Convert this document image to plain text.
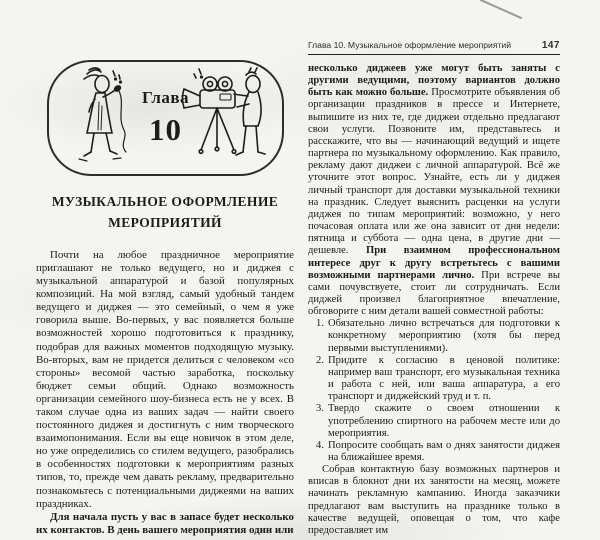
Глава
10
МУЗЫКАЛЬНОЕ ОФОРМЛЕНИЕ
МЕРОПРИЯТИЙ

Почти на любое праздничное мероприятие приглашают не только ведущего, но и диджея с музыкальной аппаратурой и базой популярных композиций. На мой взгляд, самый удобный тандем ведущего и диджея — это семейный, о чем я уже говорила выше. Во-первых, у вас появляется больше возможностей хорошо подготовиться к празднику, подобрав для важных моментов подходящую музыку. Во-вторых, вам не придется делиться с человеком «со стороны» весомой частью заработка, поскольку бюджет семьи общий. Однако возможность организации семейного шоу-бизнеса есть не у всех. В таком случае одна из ваших задач — найти своего постоянного диджея и достигнуть с ним творческого взаимопонимания. Если вы еще новичок в этом деле, но уже определились со стилем ведущего, разобрались в особенностях подготовки к мероприятиям разных типов, то, прежде чем давать рекламу, предварительно познакомьтесь с потенциальными диджеями на ваших праздниках.

Для начала пусть у вас в запасе будет несколько их контактов. В день вашего мероприятия один или

Глава 10. Музыкальное оформление мероприятий	147

несколько диджеев уже могут быть заняты с другими ведущими, поэтому вариантов должно быть как можно больше. Просмотрите объявления об организации праздников в прессе и Интернете, выпишите из них те, где диджеи отдельно предлагают свои услуги. Позвоните им, представьтесь и расскажите, что вы — начинающий ведущий и ищете партнера по музыкальному оформлению. Как правило, рекламу дают диджеи с личной аппаратурой. Всё же уточните этот вопрос. Узнайте, есть ли у диджея личный транспорт для доставки музыкальной техники на праздник. Следует выяснить расценки на услуги диджея по типам мероприятий: возможно, у него почасовая оплата или же она зависит от дня недели: пятница и суббота — одна цена, в другие дни — дешевле. При взаимном профессиональном интересе друг к другу встретьтесь с вашими возможными партнерами лично. При встрече вы сами почувствуете, стоит ли сотрудничать. Если диджей произвел благоприятное впечатление, обговорите с ним детали вашей совместной работы:

1. Обязательно лично встречаться для подготовки к конкретному мероприятию (хотя бы перед первыми выступлениями).
2. Придите к согласию в ценовой политике: например ваш транспорт, его музыкальная техника и работа с ней, или ваша аппаратура, а его транспорт и диджейский труд и т. п.
3. Твердо скажите о своем отношении к употреблению спиртного на рабочем месте или до мероприятия.
4. Попросите сообщать вам о днях занятости диджея на ближайшее время.

Собрав контактную базу возможных партнеров и вписав в блокнот дни их занятости на месяц, можете начинать рекламную кампанию. Иногда заказчики предлагают вам выступить на празднике только в качестве ведущей, оповещая о том, что кафе предоставляет им
